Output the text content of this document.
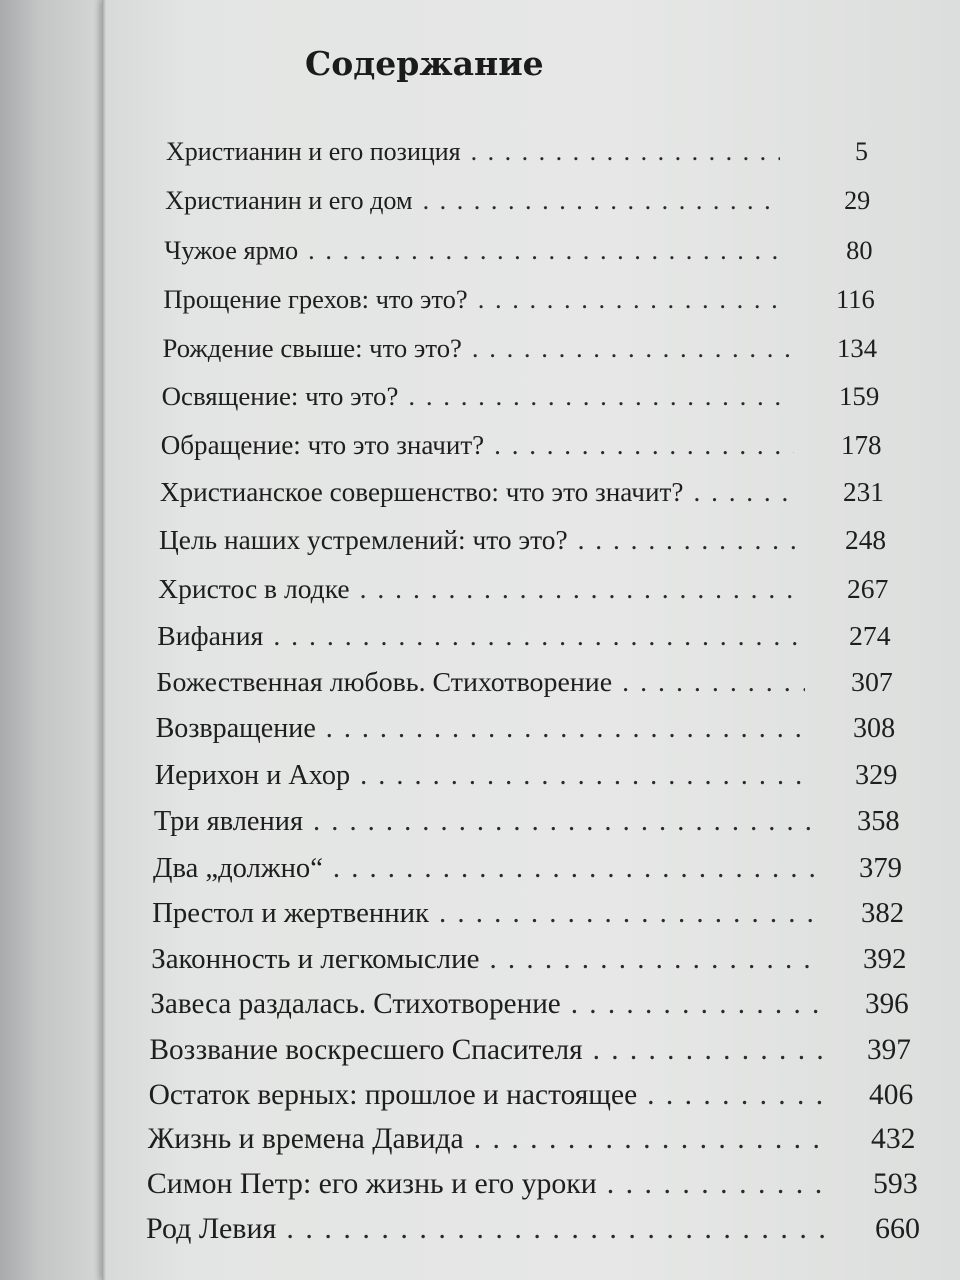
Содержание
Христианин и его позиция . . .	5
Христианин и его дом . . .	29
Чужое ярмо . . .	80
Прощение грехов: что это? . . .	116
Рождение свыше: что это? . . .	134
Освящение: что это? . . .	159
Обращение: что это значит? . . .	178
Христианское совершенство: что это значит? . . .	231
Цель наших устремлений: что это? . . .	248
Христос в лодке . . .	267
Вифания . . .	274
Божественная любовь. Стихотворение . . .	307
Возвращение . . .	308
Иерихон и Ахор . . .	329
Три явления . . .	358
Два „должно“ . . .	379
Престол и жертвенник . . .	382
Законность и легкомыслие . . .	392
Завеса раздалась. Стихотворение . . .	396
Воззвание воскресшего Спасителя . . .	397
Остаток верных: прошлое и настоящее . . .	406
Жизнь и времена Давида . . .	432
Симон Петр: его жизнь и его уроки . . .	593
Род Левия . . .	660
